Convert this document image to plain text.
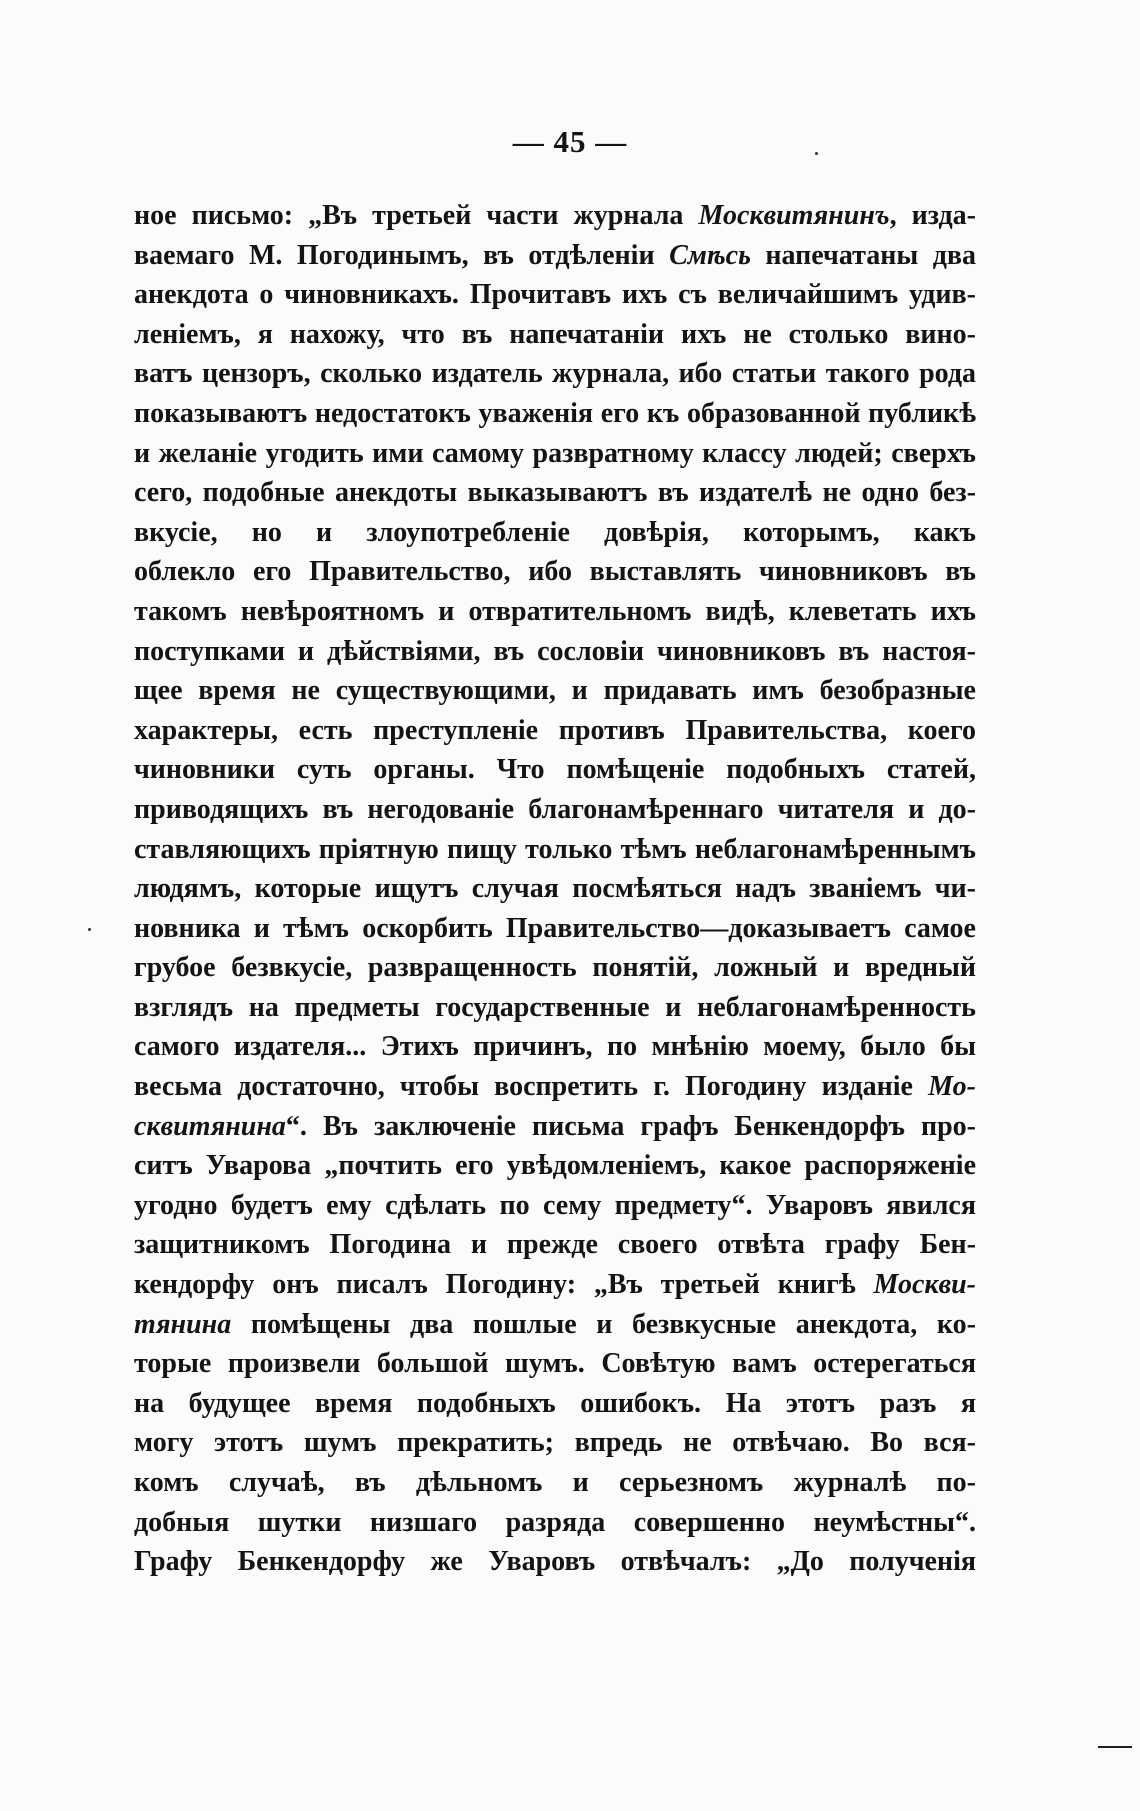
— 45 —
ное письмо: „Въ третьей части журнала Москвитянинъ, изда-
ваемаго М. Погодинымъ, въ отдѣленіи Смѣсь напечатаны два
анекдота о чиновникахъ. Прочитавъ ихъ съ величайшимъ удив-
леніемъ, я нахожу, что въ напечатаніи ихъ не столько вино-
ватъ цензоръ, сколько издатель журнала, ибо статьи такого рода
показываютъ недостатокъ уваженія его къ образованной публикѣ
и желаніе угодить ими самому развратному классу людей; сверхъ
сего, подобные анекдоты выказываютъ въ издателѣ не одно без-
вкусіе, но и злоупотребленіе довѣрія, которымъ, какъ
облекло его Правительство, ибо выставлять чиновниковъ въ
такомъ невѣроятномъ и отвратительномъ видѣ, клеветать ихъ
поступками и дѣйствіями, въ сословіи чиновниковъ въ настоя-
щее время не существующими, и придавать имъ безобразные
характеры, есть преступленіе противъ Правительства, коего
чиновники суть органы. Что помѣщеніе подобныхъ статей,
приводящихъ въ негодованіе благонамѣреннаго читателя и до-
ставляющихъ пріятную пищу только тѣмъ неблагонамѣреннымъ
людямъ, которые ищутъ случая посмѣяться надъ званіемъ чи-
новника и тѣмъ оскорбить Правительство—доказываетъ самое
грубое безвкусіе, развращенность понятій, ложный и вредный
взглядъ на предметы государственные и неблагонамѣренность
самого издателя... Этихъ причинъ, по мнѣнію моему, было бы
весьма достаточно, чтобы воспретить г. Погодину изданіе Мо-
сквитянина“. Въ заключеніе письма графъ Бенкендорфъ про-
ситъ Уварова „почтить его увѣдомленіемъ, какое распоряженіе
угодно будетъ ему сдѣлать по сему предмету“. Уваровъ явился
защитникомъ Погодина и прежде своего отвѣта графу Бен-
кендорфу онъ писалъ Погодину: „Въ третьей книгѣ Москви-
тянина помѣщены два пошлые и безвкусные анекдота, ко-
торые произвели большой шумъ. Совѣтую вамъ остерегаться
на будущее время подобныхъ ошибокъ. На этотъ разъ я
могу этотъ шумъ прекратить; впредь не отвѣчаю. Во вся-
комъ случаѣ, въ дѣльномъ и серьезномъ журналѣ по-
добныя шутки низшаго разряда совершенно неумѣстны“.
Графу Бенкендорфу же Уваровъ отвѣчалъ: „До полученія
